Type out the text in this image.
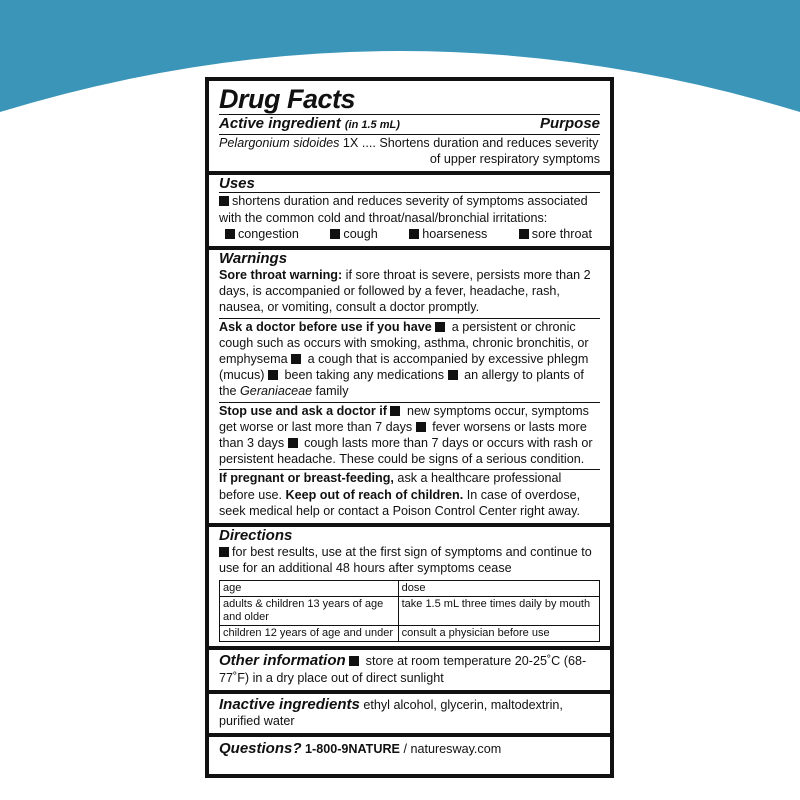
Drug Facts
Active ingredient (in 1.5 mL)	Purpose
Pelargonium sidoides 1X .... Shortens duration and reduces severity
of upper respiratory symptoms
Uses
shortens duration and reduces severity of symptoms associated with the common cold and throat/nasal/bronchial irritations:
congestion	cough	hoarseness	sore throat
Warnings
Sore throat warning: if sore throat is severe, persists more than 2 days, is accompanied or followed by a fever, headache, rash, nausea, or vomiting, consult a doctor promptly.
Ask a doctor before use if you have  a persistent or chronic cough such as occurs with smoking, asthma, chronic bronchitis, or emphysema  a cough that is accompanied by excessive phlegm (mucus)  been taking any medications  an allergy to plants of the Geraniaceae family
Stop use and ask a doctor if  new symptoms occur, symptoms get worse or last more than 7 days  fever worsens or lasts more than 3 days  cough lasts more than 7 days or occurs with rash or persistent headache. These could be signs of a serious condition.
If pregnant or breast-feeding, ask a healthcare professional before use. Keep out of reach of children. In case of overdose, seek medical help or contact a Poison Control Center right away.
Directions
for best results, use at the first sign of symptoms and continue to use for an additional 48 hours after symptoms cease
age	dose
adults & children 13 years of age and older	take 1.5 mL three times daily by mouth
children 12 years of age and under	consult a physician before use
Other information  store at room temperature 20-25˚C (68-77˚F) in a dry place out of direct sunlight
Inactive ingredients ethyl alcohol, glycerin, maltodextrin, purified water
Questions? 1-800-9NATURE / naturesway.com
